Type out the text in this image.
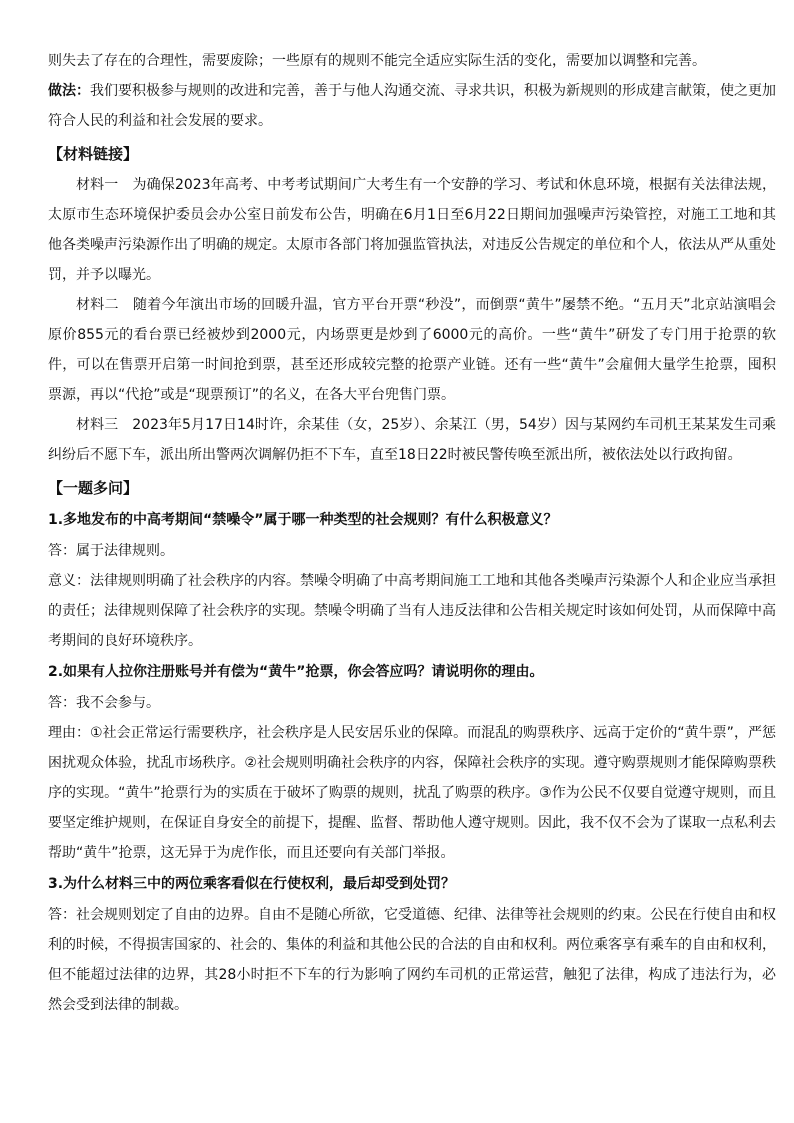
则失去了存在的合理性，需要废除；一些原有的规则不能完全适应实际生活的变化，需要加以调整和完善。

做法：我们要积极参与规则的改进和完善，善于与他人沟通交流、寻求共识，积极为新规则的形成建言献策，使之更加符合人民的利益和社会发展的要求。

【材料链接】

材料一　为确保2023年高考、中考考试期间广大考生有一个安静的学习、考试和休息环境，根据有关法律法规，太原市生态环境保护委员会办公室日前发布公告，明确在6月1日至6月22日期间加强噪声污染管控，对施工工地和其他各类噪声污染源作出了明确的规定。太原市各部门将加强监管执法，对违反公告规定的单位和个人，依法从严从重处罚，并予以曝光。

材料二　随着今年演出市场的回暖升温，官方平台开票“秒没”，而倒票“黄牛”屡禁不绝。“五月天”北京站演唱会原价855元的看台票已经被炒到2000元，内场票更是炒到了6000元的高价。一些“黄牛”研发了专门用于抢票的软件，可以在售票开启第一时间抢到票，甚至还形成较完整的抢票产业链。还有一些“黄牛”会雇佣大量学生抢票，囤积票源，再以“代抢”或是“现票预订”的名义，在各大平台兜售门票。

材料三　2023年5月17日14时许，余某佳（女，25岁）、余某江（男，54岁）因与某网约车司机王某某发生司乘纠纷后不愿下车，派出所出警两次调解仍拒不下车，直至18日22时被民警传唤至派出所，被依法处以行政拘留。

【一题多问】

1.多地发布的中高考期间“禁噪令”属于哪一种类型的社会规则？有什么积极意义？

答：属于法律规则。

意义：法律规则明确了社会秩序的内容。禁噪令明确了中高考期间施工工地和其他各类噪声污染源个人和企业应当承担的责任；法律规则保障了社会秩序的实现。禁噪令明确了当有人违反法律和公告相关规定时该如何处罚，从而保障中高考期间的良好环境秩序。

2.如果有人拉你注册账号并有偿为“黄牛”抢票，你会答应吗？请说明你的理由。

答：我不会参与。

理由：①社会正常运行需要秩序，社会秩序是人民安居乐业的保障。而混乱的购票秩序、远高于定价的“黄牛票”，严惩困扰观众体验，扰乱市场秩序。②社会规则明确社会秩序的内容，保障社会秩序的实现。遵守购票规则才能保障购票秩序的实现。“黄牛”抢票行为的实质在于破坏了购票的规则，扰乱了购票的秩序。③作为公民不仅要自觉遵守规则，而且要坚定维护规则，在保证自身安全的前提下，提醒、监督、帮助他人遵守规则。因此，我不仅不会为了谋取一点私利去帮助“黄牛”抢票，这无异于为虎作伥，而且还要向有关部门举报。

3.为什么材料三中的两位乘客看似在行使权利，最后却受到处罚？

答：社会规则划定了自由的边界。自由不是随心所欲，它受道德、纪律、法律等社会规则的约束。公民在行使自由和权利的时候，不得损害国家的、社会的、集体的利益和其他公民的合法的自由和权利。两位乘客享有乘车的自由和权利，但不能超过法律的边界，其28小时拒不下车的行为影响了网约车司机的正常运营，触犯了法律，构成了违法行为，必然会受到法律的制裁。
